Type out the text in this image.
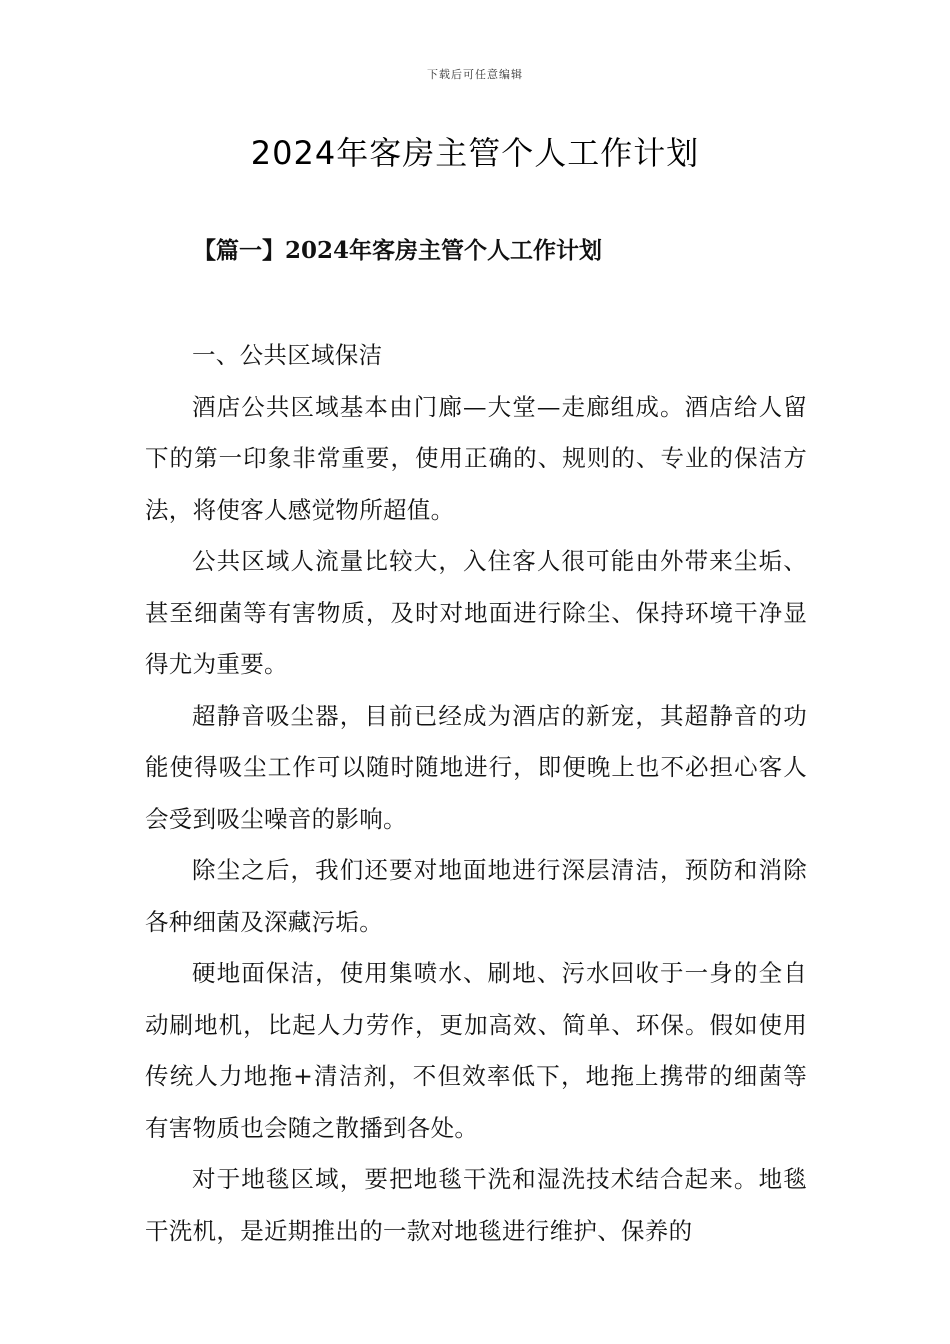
下载后可任意编辑
2024年客房主管个人工作计划
【篇一】2024年客房主管个人工作计划

一、公共区域保洁

酒店公共区域基本由门廊—大堂—走廊组成。酒店给人留下的第一印象非常重要，使用正确的、规则的、专业的保洁方法，将使客人感觉物所超值。

公共区域人流量比较大，入住客人很可能由外带来尘垢、甚至细菌等有害物质，及时对地面进行除尘、保持环境干净显得尤为重要。

超静音吸尘器，目前已经成为酒店的新宠，其超静音的功能使得吸尘工作可以随时随地进行，即便晚上也不必担心客人会受到吸尘噪音的影响。

除尘之后，我们还要对地面地进行深层清洁，预防和消除各种细菌及深藏污垢。

硬地面保洁，使用集喷水、刷地、污水回收于一身的全自动刷地机，比起人力劳作，更加高效、简单、环保。假如使用传统人力地拖+清洁剂，不但效率低下，地拖上携带的细菌等有害物质也会随之散播到各处。

对于地毯区域，要把地毯干洗和湿洗技术结合起来。地毯干洗机，是近期推出的一款对地毯进行维护、保养的
